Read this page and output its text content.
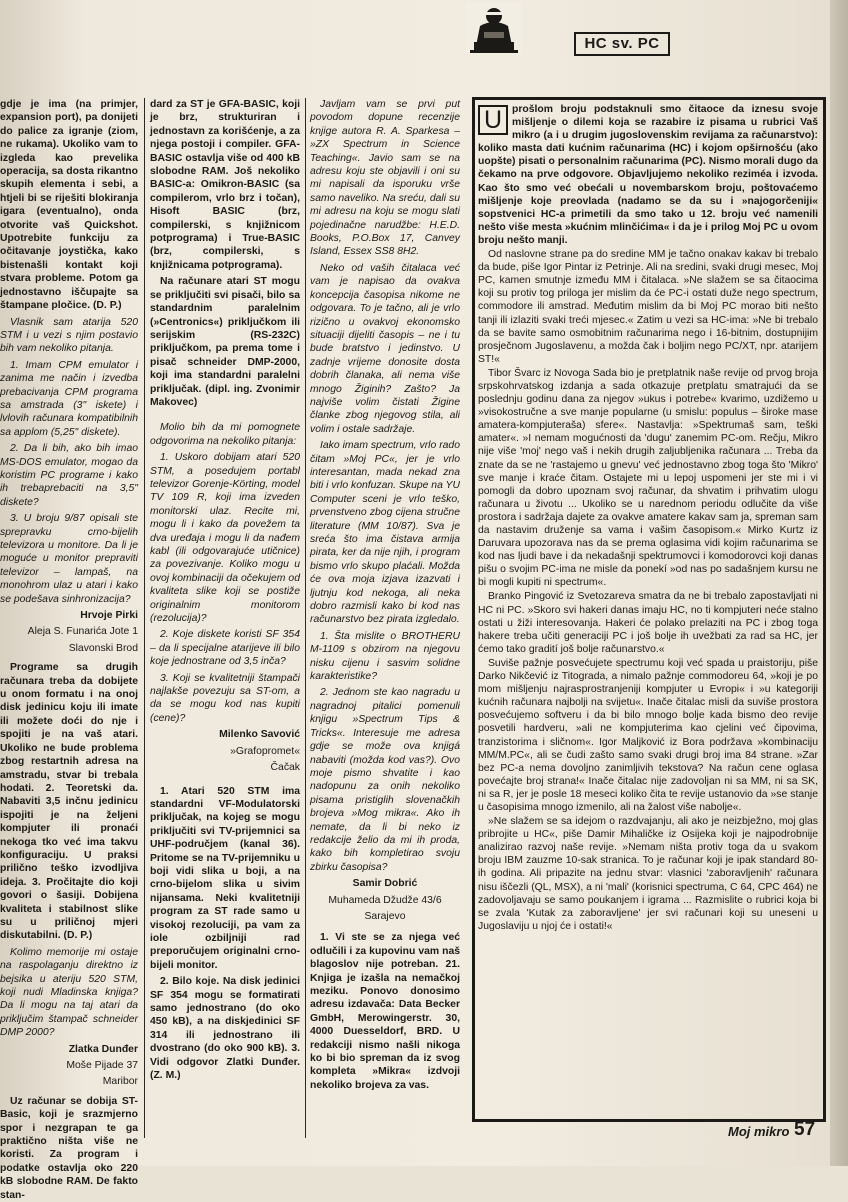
HC sv. PC

gdje je ima (na primjer, expansion port), pa donijeti do palice za igranje (ziom, ne rukama). Ukoliko vam to izgleda kao prevelika operacija, sa dosta rikantno skupih elementa i sebi, a htjeli bi se riješiti blokiranja igara (eventualno), onda otvorite vaš Quickshot. Upotrebite funkciju za očitavanje joystička, kako bistenašli kontakt koji stvara probleme. Potom ga jednostavno iščupajte sa štampane pločice. (D. P.)

Vlasnik sam atarija 520 STM i u vezi s njim postavio bih vam nekoliko pitanja.

1. Imam CPM emulator i zanima me način i izvedba prebacivanja CPM programa sa amstrada (3" iskete) i lvlovih računara kompatibilnih sa applom (5,25" diskete).

2. Da li bih, ako bih imao MS-DOS emulator, mogao da koristim PC programe i kako ih trebaprebaciti na 3,5" diskete?

3. U broju 9/87 opisali ste sprepravku crno-bijelih televizora u monitore. Da li je moguće u monitor prepraviti televizor – lampaš, na monohrom ulaz u atari i kako se podešava sinhronizacija?

Hrvoje Pirki

Aleja S. Funarića Jote 1

Slavonski Brod

Programe sa drugih računara treba da dobijete u onom formatu i na onoj disk jedinicu koju ili imate ili možete doći do nje i spojiti je na vaš atari. Ukoliko ne bude problema zbog restartnih adresa na amstradu, stvar bi trebala hodati. 2. Teoretski da. Nabaviti 3,5 inčnu jedinicu ispojiti je na željeni kompjuter ili pronaći nekoga tko već ima takvu konfiguraciju. U praksi prilično teško izvodljiva ideja. 3. Pročitajte dio koji govori o šasiji. Dobijena kvaliteta i stabilnost slike su u priličnoj mjeri diskutabilni. (D. P.)

Kolimo memorije mi ostaje na raspolaganju direktno iz bejsika u ateriju 520 STM, koji nudi Mladinska knjiga? Da li mogu na taj atari da priključim štampač schneider DMP 2000?

Zlatka Dunđer

Moše Pijade 37

Maribor

Uz računar se dobija ST-Basic, koji je srazmjerno spor i nezgrapan te ga praktično ništa više ne koristi. Za program i podatke ostavlja oko 220 kB slobodne RAM. De fakto stan-

dard za ST je GFA-BASIC, koji je brz, strukturiran i jednostavn za korišćenje, a za njega postoji i compiler. GFA-BASIC ostavlja više od 400 kB slobodne RAM. Još nekoliko BASIC-a: Omikron-BASIC (sa compilerom, vrlo brz i točan), Hisoft BASIC (brz, compilerski, s knjižnicom potprograma) i True-BASIC (brz, compilerski, s knjižnicama potprograma).

Na računare atari ST mogu se priključiti svi pisači, bilo sa standardnim paralelnim (»Centronics«) priključkom ili serijskim (RS-232C) priključkom, pa prema tome i pisač schneider DMP-2000, koji ima standardni paralelni priključak. (dipl. ing. Zvonimir Makovec)

Molio bih da mi pomognete odgovorima na nekoliko pitanja:

1. Uskoro dobijam atari 520 STM, a posedujem portabl televizor Gorenje-Körting, model TV 109 R, koji ima izveden monitorski ulaz. Recite mi, mogu li i kako da povežem ta dva uređaja i mogu li da nađem kabl (ili odgovarajuće utičnice) za povezivanje. Koliko mogu u ovoj kombinaciji da očekujem od kvaliteta slike koji se postiže originalnim monitorom (rezolucija)?

2. Koje diskete koristi SF 354 – da li specijalne atarijeve ili bilo koje jednostrane od 3,5 inča?

3. Koji se kvalitetniji štampači najlakše povezuju sa ST-om, a da se mogu kod nas kupiti (cene)?

Milenko Savović

»Grafopromet«

Čačak

1. Atari 520 STM ima standardni VF-Modulatorski priključak, na kojeg se mogu priključiti svi TV-prijemnici sa UHF-područjem (kanal 36). Pritome se na TV-prijemniku u boji vidi slika u boji, a na crno-bijelom slika u sivim nijansama. Neki kvalitetniji program za ST rade samo u visokoj rezoluciji, pa vam za iole ozbiljniji rad preporučujem originalni crno-bijeli monitor.

2. Bilo koje. Na disk jedinici SF 354 mogu se formatirati samo jednostrano (do oko 450 kB), a na diskjedinici SF 314 ili jednostrano ili dvostrano (do oko 900 kB). 3. Vidi odgovor Zlatki Dunđer. (Z. M.)

Javljam vam se prvi put povodom dopune recenzije knjige autora R. A. Sparkesa – »ZX Spectrum in Science Teaching«. Javio sam se na adresu koju ste objavili i oni su mi napisali da isporuku vrše samo naveliko. Na sreću, dali su mi adresu na koju se mogu slati pojedinačne narudžbe: H.E.D. Books, P.O.Box 17, Canvey Island, Essex SS8 8H2.

Neko od vaših čitalaca već vam je napisao da ovakva koncepcija časopisa nikome ne odgovara. To je tačno, ali je vrlo rizično u ovakvoj ekonomsko situaciji dijeliti časopis – ne i tu bude bratstvo i jedinstvo. U zadnje vrijeme donosite dosta dobrih članaka, ali nema više mnogo Žiginih? Zašto? Ja najviše volim čistati Žigine članke zbog njegovog stila, ali volim i ostale sadržaje.

Iako imam spectrum, vrlo rado čitam »Moj PC«, jer je vrlo interesantan, mada nekad zna biti i vrlo konfuzan. Skupe na YU Computer sceni je vrlo teško, prvenstveno zbog cijena stručne literature (MM 10/87). Sva je sreća što ima čistava armija pirata, ker da nije njih, i program bismo vrlo skupo plaćali. Možda će ova moja izjava izazvati i ljutnju kod nekoga, ali neka dobro razmisli kako bi kod nas računarstvo bez pirata izgledalo.

1. Šta mislite o BROTHERU M-1109 s obzirom na njegovu nisku cijenu i sasvim solidne karakteristike?

2. Jednom ste kao nagradu u nagradnoj pitalici pomenuli knjigu »Spectrum Tips & Tricks«. Interesuje me adresa gdje se može ova knjigá nabaviti (možda kod vas?). Ovo moje pismo shvatite i kao nadopunu za onih nekoliko pisama pristiglih slovenačkih brojeva »Mog mikra«. Ako ih nemate, da li bi neko iz redakcije želio da mi ih proda, kako bih kompletirao svoju zbirku časopisa?

Samir Dobrić

Muhameda Džudže 43/6

Sarajevo

1. Vi ste se za njega već odlučili i za kupovinu vam naš blagoslov nije potreban. 21. Knjiga je izašla na nemačkoj meziku. Ponovo donosimo adresu izdavača: Data Becker GmbH, Merowingerstr. 30, 4000 Duesseldorf, BRD. U redakciji nismo našli nikoga ko bi bio spreman da iz svog kompleta »Mikra« izdvoji nekoliko brojeva za vas.

U prošlom broju podstaknuli smo čitaoce da iznesu svoje mišljenje o dilemi koja se razabire iz pisama u rubrici Vaš mikro (a i u drugim jugoslovenskim revijama za računarstvo): koliko masta dati kućnim računarima (HC) i kojom opširnošću (ako uopšte) pisati o personalnim računarima (PC). Nismo morali dugo da čekamo na prve odgovore. Objavljujemo nekoliko reziméa i izvoda. Kao što smo već obećali u novembarskom broju, poštovaćemo mišljenje koje preovlada (nadamo se da su i »najogorčeniji« sopstvenici HC-a primetili da smo tako u 12. broju već namenili nešto više mesta »kućnim mlinčićima« i da je i prilog Moj PC u ovom broju nešto manji.

Od naslovne strane pa do sredine MM je tačno onakav kakav bi trebalo da bude, piše Igor Pintar iz Petrinje. Ali na sredini, svaki drugi mesec, Moj PC, kamen smutnje između MM i čitalaca. »Ne slažem se sa čitaocima koji su protiv tog priloga jer mislim da će PC-i ostati duže nego spectrum, commodore ili amstrad. Međutim mislim da bi Moj PC morao biti nešto tanji ili izlaziti svaki treći mjesec.« Zatim u vezi sa HC-ima: »Ne bi trebalo da se bavite samo osmobitnim računarima nego i 16-bitnim, dostupnijim prosječnom Jugoslavenu, a možda čak i boljim nego PC/XT, npr. atarijem ST!«

Tibor Švarc iz Novoga Sada bio je pretplatnik naše revije od prvog broja srpskohrvatskog izdanja a sada otkazuje pretplatu smatrajući da se poslednju godinu dana za njegov »ukus i potrebe« kvarimo, uzdižemo u »visokostručne a sve manje popularne (u smislu: populus – široke mase amatera-kompjuteraša) sfere«. Nastavlja: »Spektrumaš sam, teški amater«. »I nemam mogućnosti da 'dugu' zanemim PC-om. Rečju, Mikro nije više 'moj' nego vaš i nekih drugih zaljubljenika računara ... Treba da znate da se ne 'rastajemo u gnevu' već jednostavno zbog toga što 'Mikro' sve manje i kraće čitam. Ostajete mi u lepoj uspomeni jer ste mi i vi pomogli da dobro upoznam svoj računar, da shvatim i prihvatim ulogu računara u životu ... Ukoliko se u narednom periodu odlučite da više prostora i sadržaja dajete za ovakve amatere kakav sam ja, spreman sam da nastavim druženje sa vama i vašim časopisom.« Mirko Kurtz iz Daruvara upozorava nas da se prema oglasima vidi kojim računarima se kod nas ljudi bave i da nekadašnji spektrumovci i komodorovci koji danas pišu o svojim PC-ima ne misle da ponekí »od nas po sadašnjem kursu ne bi mogli kupiti ni spectrum«.

Branko Pingović iz Svetozareva smatra da ne bi trebalo zapostavljati ni HC ni PC. »Skoro svi hakeri danas imaju HC, no ti kompjuteri neće stalno ostati u žiži interesovanja. Hakeri će polako prelaziti na PC i zbog toga hakere treba učiti generaciji PC i još bolje ih uvežbati za rad sa HC, jer ćemo tako gradití još bolje računarstvo.«

Suviše pažnje posvećujete spectrumu koji već spada u praistoriju, piše Darko Nikčević iz Titograda, a nimalo pažnje commodoreu 64, »koji je po mom mišljenju najrasprostranjeniji kompjuter u Evropi« i »u kategoriji kućnih računara najbolji na svijetu«. Inače čitalac misli da suviše prostora posvećujemo softveru i da bi bilo mnogo bolje kada bismo deo revije posvetili hardveru, »ali ne kompjuterima kao cjelini već čipovima, tranzistorima i sličnom«. Igor Maljković iz Bora podržava »kombinaciju MM/M.PC«, ali se čudi zašto samo svaki drugi broj ima 84 strane. »Zar bez PC-a nema dovoljno zanimljivih tekstova? Na račun cene oglasa povećajte broj strana!« Inače čitalac nije zadovoljan ni sa MM, ni sa SK, ni sa R, jer je posle 18 meseci koliko čita te revije ustanovio da »se stanje u časopisima mnogo izmenilo, ali na žalost više nabolje«.

»Ne slažem se sa idejom o razdvajanju, ali ako je neizbježno, moj glas pribrojite u HC«, piše Damir Mihaličke iz Osijeka koji je najpodrobnije analizirao razvoj naše revije. »Nemam ništa protiv toga da u svakom broju IBM zauzme 10-sak stranica. To je računar koji je ipak standard 80-ih godina. Ali pripazite na jednu stvar: vlasnici 'zaboravljenih' računara nisu iščezli (QL, MSX), a ni 'mali' (korisnici spectruma, C 64, CPC 464) ne zadovoljavaju se samo poukanjem i igrama ... Razmislite o rubrici koja bi se zvala 'Kutak za zaboravljene' jer svi računari koji su uneseni u Jugoslaviju u njoj će i ostati!«

Moj mikro 57
